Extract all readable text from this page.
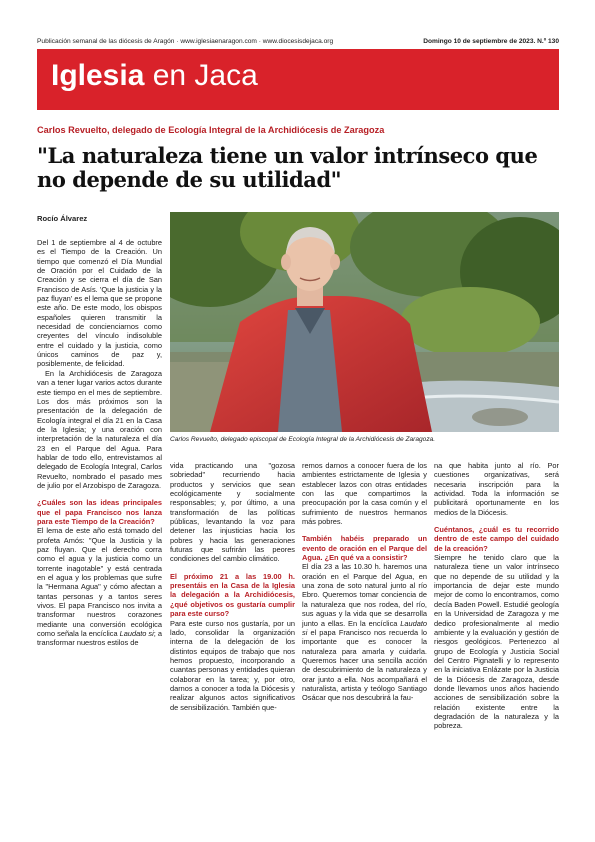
Publicación semanal de las diócesis de Aragón · www.iglesiaenaragon.com · www.diocesisdejaca.org	Domingo 10 de septiembre de 2023. N.º 130
Iglesia en Jaca
Carlos Revuelto, delegado de Ecología Integral de la Archidiócesis de Zaragoza
"La naturaleza tiene un valor intrínseco que no depende de su utilidad"
Rocío Álvarez
Carlos Revuelto, delegado episcopal de Ecología Integral de la Archidiócesis de Zaragoza.

Del 1 de septiembre al 4 de octubre es el Tiempo de la Creación. Un tiempo que comenzó el Día Mundial de Oración por el Cuidado de la Creación y se cierra el día de San Francisco de Asís. 'Que la justicia y la paz fluyan' es el lema que se propone este año. De este modo, los obispos españoles quieren transmitir la necesidad de concienciarnos como creyentes del vínculo indisoluble entre el cuidado y la justicia, como únicos caminos de paz y, posiblemente, de felicidad.

En la Archidiócesis de Zaragoza van a tener lugar varios actos durante este tiempo en el mes de septiembre. Los dos más próximos son la presentación de la delegación de Ecología integral el día 21 en la Casa de la Iglesia; y una oración con interpretación de la naturaleza el día 23 en el Parque del Agua. Para hablar de todo ello, entrevistamos al delegado de Ecología Integral, Carlos Revuelto, nombrado el pasado mes de julio por el Arzobispo de Zaragoza.

¿Cuáles son las ideas principales que el papa Francisco nos lanza para este Tiempo de la Creación?

El lema de este año está tomado del profeta Amós: "Que la Justicia y la paz fluyan. Que el derecho corra como el agua y la justicia como un torrente inagotable" y está centrada en el agua y los problemas que sufre la "Hermana Agua" y cómo afectan a tantas personas y a tantos seres vivos. El papa Francisco nos invita a transformar nuestros corazones mediante una conversión ecológica como señala la encíclica Laudato si; a transformar nuestros estilos de

vida practicando una "gozosa sobriedad" recurriendo hacia productos y servicios que sean ecológicamente y socialmente responsables; y, por último, a una transformación de las políticas públicas, levantando la voz para detener las injusticias hacia los pobres y hacia las generaciones futuras que sufrirán las peores condiciones del cambio climático.

El próximo 21 a las 19.00 h. presentáis en la Casa de la Iglesia la delegación a la Archidiócesis, ¿qué objetivos os gustaría cumplir para este curso?

Para este curso nos gustaría, por un lado, consolidar la organización interna de la delegación de los distintos equipos de trabajo que nos hemos propuesto, incorporando a cuantas personas y entidades quieran colaborar en la tarea; y, por otro, darnos a conocer a toda la Diócesis y realizar algunos actos significativos de sensibilización. También que-

remos darnos a conocer fuera de los ambientes estrictamente de Iglesia y establecer lazos con otras entidades con las que compartimos la preocupación por la casa común y el sufrimiento de nuestros hermanos más pobres.

También habéis preparado un evento de oración en el Parque del Agua. ¿En qué va a consistir?

El día 23 a las 10.30 h. haremos una oración en el Parque del Agua, en una zona de soto natural junto al río Ebro. Queremos tomar conciencia de la naturaleza que nos rodea, del río, sus aguas y la vida que se desarrolla junto a ellas. En la encíclica Laudato si el papa Francisco nos recuerda lo importante que es conocer la naturaleza para amarla y cuidarla. Queremos hacer una sencilla acción de descubrimiento de la naturaleza y orar junto a ella. Nos acompañará el naturalista, artista y teólogo Santiago Osácar que nos descubrirá la fau-

na que habita junto al río. Por cuestiones organizativas, será necesaria inscripción para la actividad. Toda la información se publicitará oportunamente en los medios de la Diócesis.

Cuéntanos, ¿cuál es tu recorrido dentro de este campo del cuidado de la creación?

Siempre he tenido claro que la naturaleza tiene un valor intrínseco que no depende de su utilidad y la importancia de dejar este mundo mejor de como lo encontramos, como decía Baden Powell. Estudié geología en la Universidad de Zaragoza y me dedico profesionalmente al medio ambiente y la evaluación y gestión de riesgos geológicos. Pertenezco al grupo de Ecología y Justicia Social del Centro Pignatelli y lo represento en la iniciativa Enlázate por la Justicia de la Diócesis de Zaragoza, desde donde llevamos unos años haciendo acciones de sensibilización sobre la relación existente entre la degradación de la naturaleza y la pobreza.
